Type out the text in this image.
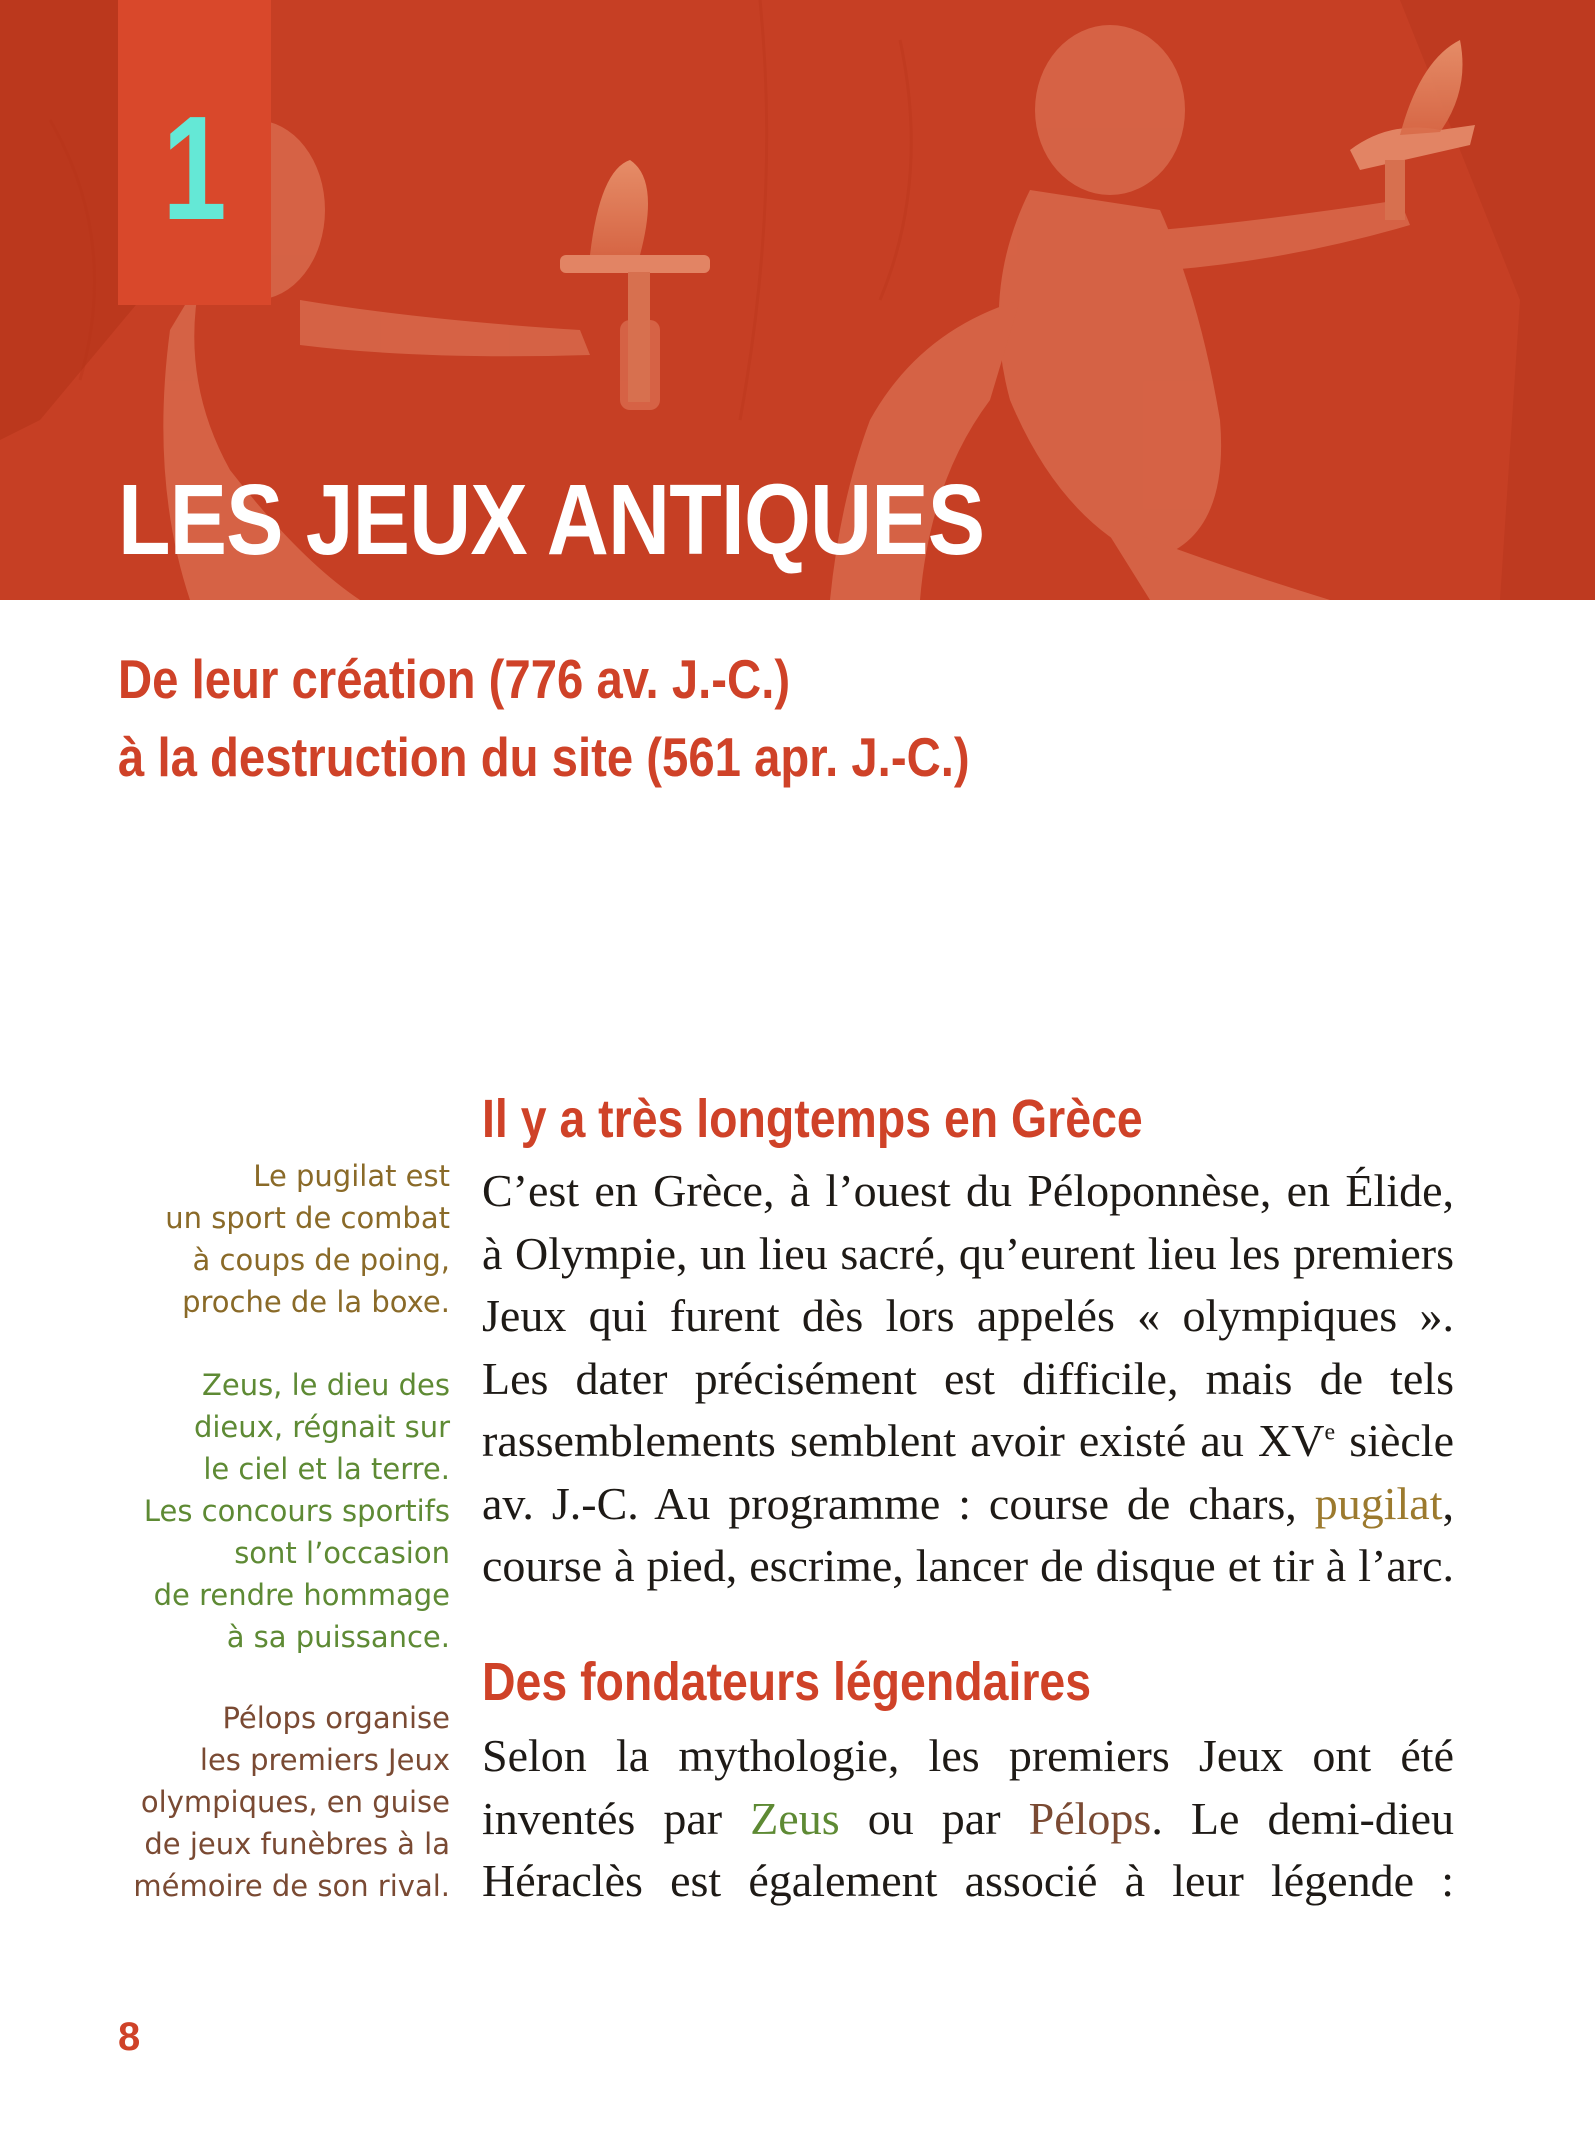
1
LES JEUX ANTIQUES
De leur création (776 av. J.-C.)
à la destruction du site (561 apr. J.-C.)
Le pugilat est
un sport de combat
à coups de poing,
proche de la boxe.
Zeus, le dieu des
dieux, régnait sur
le ciel et la terre.
Les concours sportifs
sont l’occasion
de rendre hommage
à sa puissance.
Pélops organise
les premiers Jeux
olympiques, en guise
de jeux funèbres à la
mémoire de son rival.
Il y a très longtemps en Grèce
C’est en Grèce, à l’ouest du Péloponnèse, en Élide,
à Olympie, un lieu sacré, qu’eurent lieu les premiers
Jeux qui furent dès lors appelés « olympiques ».
Les dater précisément est difficile, mais de tels
rassemblements semblent avoir existé au XVe siècle
av. J.-C. Au programme : course de chars, pugilat,
course à pied, escrime, lancer de disque et tir à l’arc.
Des fondateurs légendaires
Selon la mythologie, les premiers Jeux ont été
inventés par Zeus ou par Pélops. Le demi-dieu
Héraclès est également associé à leur légende :
8
